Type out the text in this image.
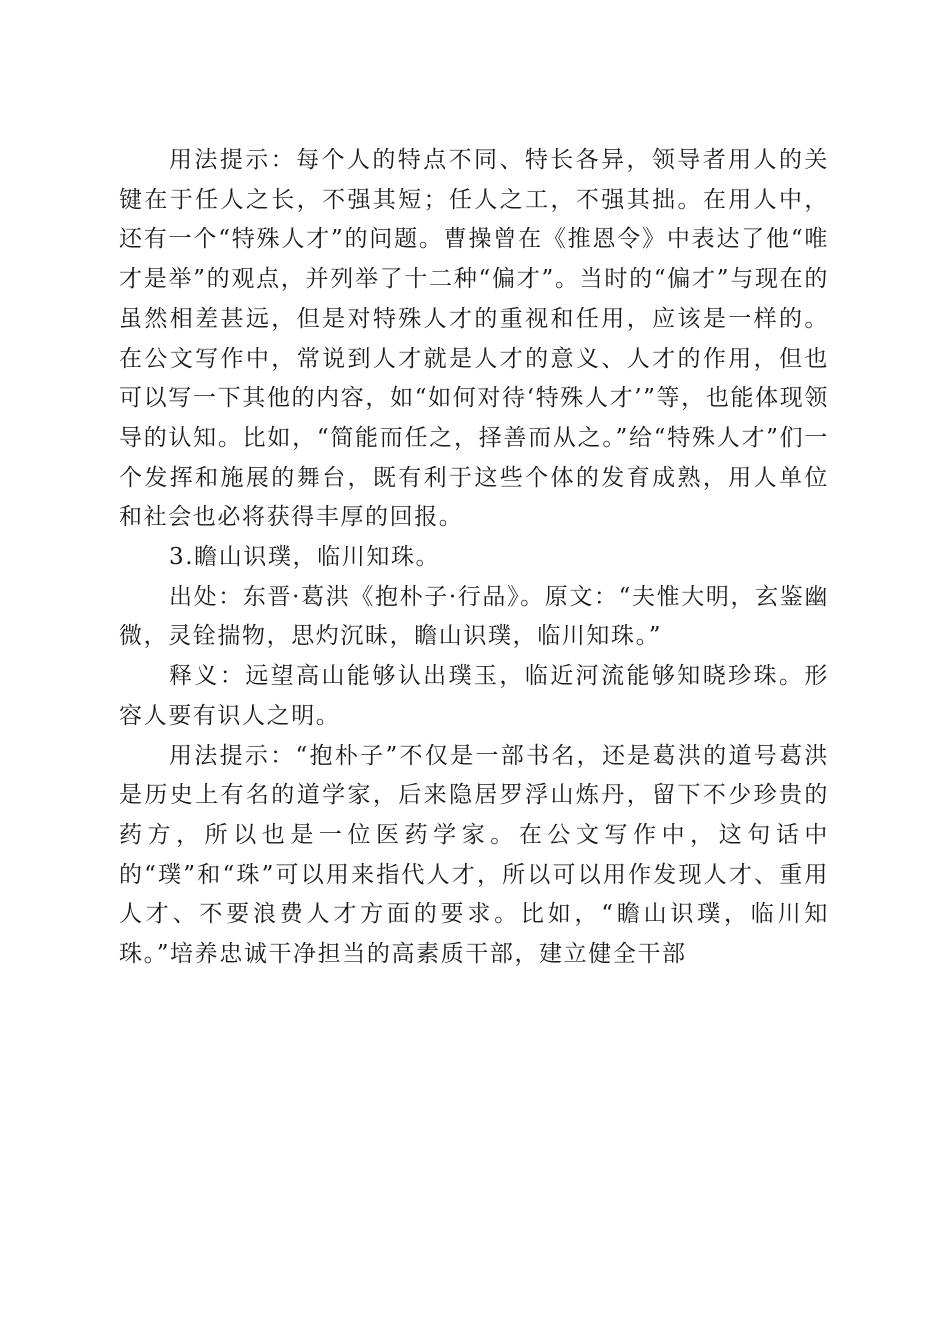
用法提示：每个人的特点不同、特长各异，领导者用人的关键在于任人之长，不强其短；任人之工，不强其拙。在用人中，还有一个“特殊人才”的问题。曹操曾在《推恩令》中表达了他“唯才是举”的观点，并列举了十二种“偏才”。当时的“偏才”与现在的虽然相差甚远，但是对特殊人才的重视和任用，应该是一样的。在公文写作中，常说到人才就是人才的意义、人才的作用，但也可以写一下其他的内容，如“如何对待‘特殊人才’”等，也能体现领导的认知。比如，“简能而任之，择善而从之。”给“特殊人才”们一个发挥和施展的舞台，既有利于这些个体的发育成熟，用人单位和社会也必将获得丰厚的回报。

3.瞻山识璞，临川知珠。

出处：东晋·葛洪《抱朴子·行品》。原文：“夫惟大明，玄鉴幽微，灵铨揣物，思灼沉昧，瞻山识璞，临川知珠。”

释义：远望高山能够认出璞玉，临近河流能够知晓珍珠。形容人要有识人之明。

用法提示：“抱朴子”不仅是一部书名，还是葛洪的道号葛洪是历史上有名的道学家，后来隐居罗浮山炼丹，留下不少珍贵的药方，所以也是一位医药学家。在公文写作中，这句话中的“璞”和“珠”可以用来指代人才，所以可以用作发现人才、重用人才、不要浪费人才方面的要求。比如，“瞻山识璞，临川知珠。”培养忠诚干净担当的高素质干部，建立健全干部
